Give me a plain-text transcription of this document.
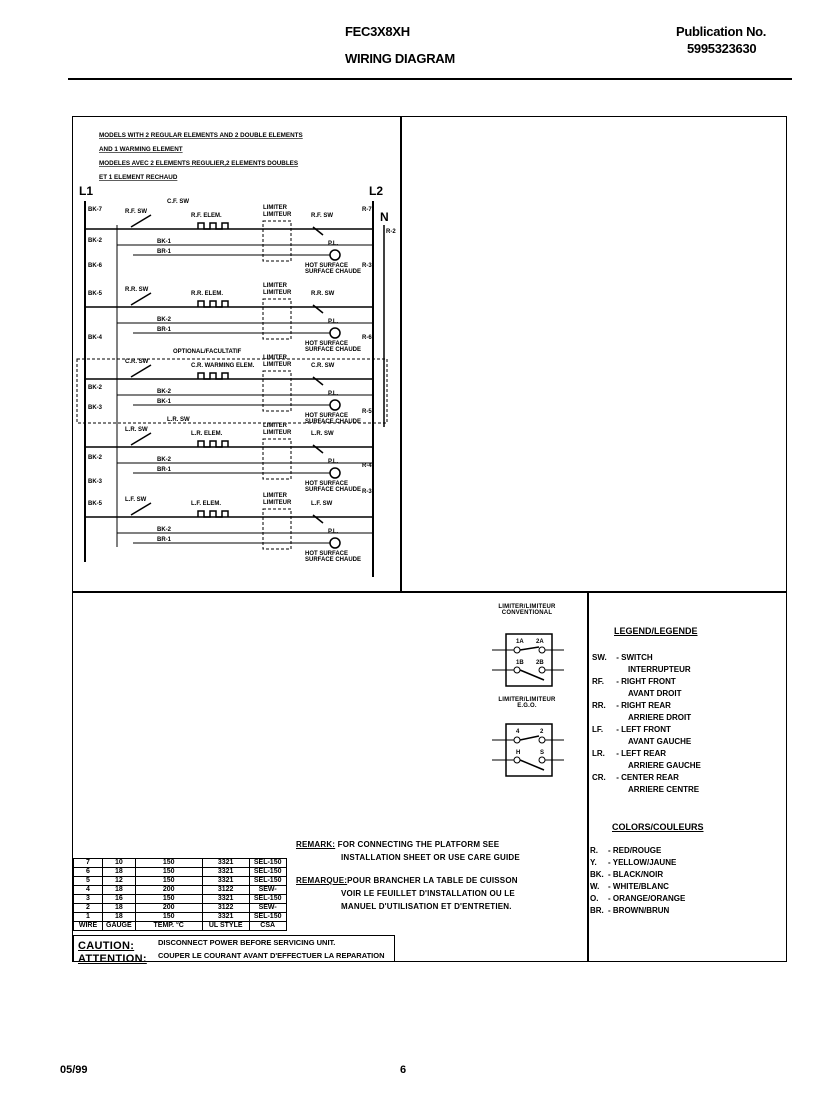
FEC3X8XH
WIRING DIAGRAM
Publication No.
5995323630
MODELS WITH 2 REGULAR ELEMENTS AND 2 DOUBLE ELEMENTS
AND 1 WARMING ELEMENT
MODELES AVEC 2 ELEMENTS REGULIER,2 ELEMENTS DOUBLES
ET 1 ELEMENT RECHAUD
L1	L2
N
OPTIONAL/FACULTATIF
R.F. SW
R.F. ELEM.
LIMITER
LIMITEUR	R.F. SW
P.L.
HOT SURFACE
SURFACE CHAUDE
BK-1
BR-1
C.F. SW
R.R. SW
R.R. ELEM.
LIMITER
LIMITEUR	R.R. SW
P.L.
HOT SURFACE
SURFACE CHAUDE
BK-2
BR-1
C.R. SW
C.R. WARMING ELEM.
LIMITER
LIMITEUR	C.R. SW
P.L.
HOT SURFACE
SURFACE CHAUDE
BK-2
BK-1
L.R. SW
L.R. ELEM.
LIMITER
LIMITEUR	L.R. SW
P.L.
HOT SURFACE
SURFACE CHAUDE
BK-2
BR-1
L.R. SW
L.F. SW
L.F. ELEM.
LIMITER
LIMITEUR	L.F. SW
P.L.
HOT SURFACE
SURFACE CHAUDE
BK-2
BR-1
BK-7
BK-2
BK-6
BK-5
BK-4
BK-2
BK-3
BK-2
BK-3
BK-5
R-7
R-3
R-6
R-5
R-4
R-2
R-3
LIMITER/LIMITEUR
CONVENTIONAL
1A 2A
1B 2B
LIMITER/LIMITEUR
E.G.O.
4	2
H	S
LEGEND/LEGENDE
SW. - SWITCH
INTERRUPTEUR
RF. - RIGHT FRONT
AVANT DROIT
RR. - RIGHT REAR
ARRIERE DROIT
LF. - LEFT FRONT
AVANT GAUCHE
LR. - LEFT REAR
ARRIERE GAUCHE
CR. - CENTER REAR
ARRIERE CENTRE
COLORS/COULEURS
R. - RED/ROUGE
Y. - YELLOW/JAUNE
BK. - BLACK/NOIR
W. - WHITE/BLANC
O. - ORANGE/ORANGE
BR. - BROWN/BRUN
REMARK: FOR CONNECTING THE PLATFORM SEE
INSTALLATION SHEET OR USE CARE GUIDE
REMARQUE:POUR BRANCHER LA TABLE DE CUISSON
VOIR LE FEUILLET D'INSTALLATION OU LE
MANUEL D'UTILISATION ET D'ENTRETIEN.
7	10	150	3321	SEL-150
6	18	150	3321	SEL-150
5	12	150	3321	SEL-150
4	18	200	3122	SEW-
3	16	150	3321	SEL-150
2	18	200	3122	SEW-
1	18	150	3321	SEL-150
WIRE	GAUGE	TEMP. °C	UL STYLE	CSA
CAUTION:	DISCONNECT POWER BEFORE SERVICING UNIT.
ATTENTION: COUPER LE COURANT AVANT D'EFFECTUER LA REPARATION
05/99	6
